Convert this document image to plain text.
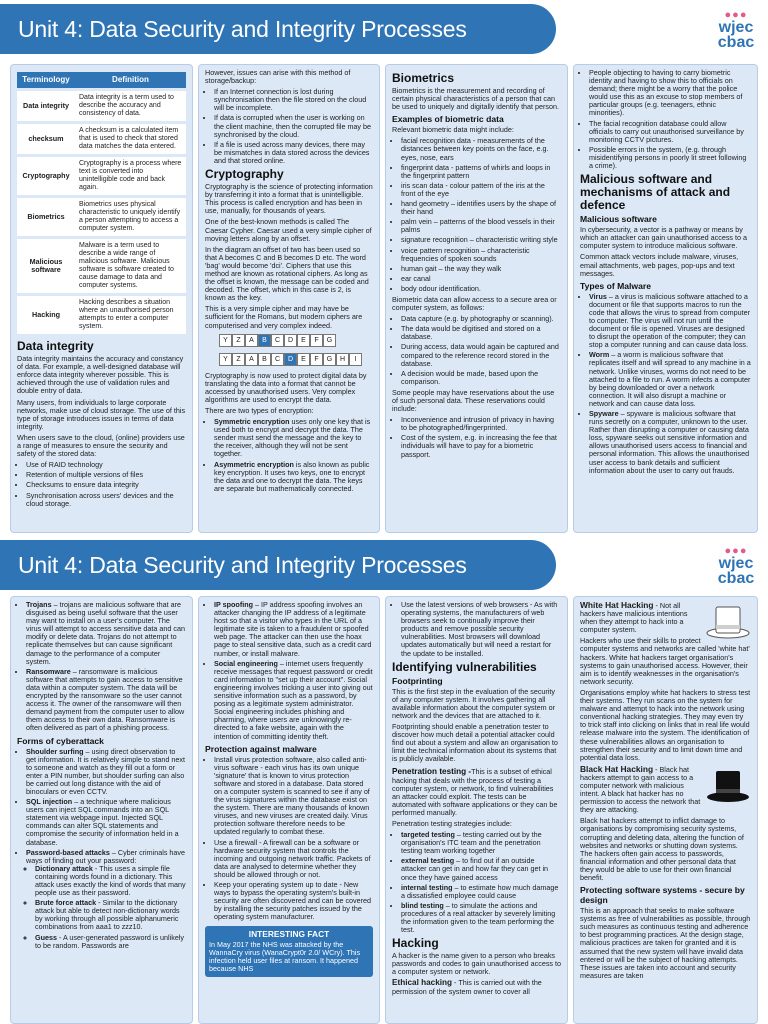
Unit 4: Data Security and Integrity Processes
●●●
wjec
cbac
Terminology	Definition
Data integrity	Data integrity is a term used to describe the accuracy and consistency of data.
checksum	A checksum is a calculated item that is used to check that stored data matches the data entered.
Cryptography	Cryptography is a process where text is converted into unintelligible code and back again.
Biometrics	Biometrics uses physical characteristic to uniquely identify a person attempting to access a computer system.
Malicious software	Malware is a term used to describe a wide range of malicious software. Malicious software is software created to cause damage to data and computer systems.
Hacking	Hacking describes a situation where an unauthorised person attempts to enter a computer system.
Data integrity

Data integrity maintains the accuracy and constancy of data. For example, a well-designed database will enforce data integrity wherever possible. This is achieved through the use of validation rules and double entry of data.

Many users, from individuals to large corporate networks, make use of cloud storage. The use of this type of storage introduces issues in terms of data integrity.

When users save to the cloud, (online) providers use a range of measures to ensure the security and safety of the stored data:

• Use of RAID technology
• Retention of multiple versions of files
• Checksums to ensure data integrity
• Synchronisation across users' devices and the cloud storage.

However, issues can arise with this method of storage/backup:

• If an Internet connection is lost during synchronisation then the file stored on the cloud will be incomplete.
• If data is corrupted when the user is working on the client machine, then the corrupted file may be synchronised by the cloud.
• If a file is used across many devices, there may be mismatches in data stored across the devices and that stored online.
Cryptography

Cryptography is the science of protecting information by transferring it into a format that is unintelligible. This process is called encryption and has been in use, manually, for thousands of years.

One of the best-known methods is called The Caesar Cypher. Caesar used a very simple cipher of moving letters along by an offset.

In the diagram an offset of two has been used so that A becomes C and B becomes D etc. The word 'bag' would become 'dci'. Ciphers that use this method are known as rotational ciphers. As long as the offset is known, the message can be coded and decoded. The offset, which in this case is 2, is known as the key.

This is a very simple cipher and may have be sufficient for the Romans, but modern ciphers are computerised and very complex indeed.

Y	Z	A	B	C	D	E	F	G
Y	Z	A	B	C	D	E	F	G	H	I

Cryptography is now used to protect digital data by translating the data into a format that cannot be accessed by unauthorised users. Very complex algorithms are used to encrypt the data.

There are two types of encryption:

• Symmetric encryption uses only one key that is used both to encrypt and decrypt the data. The sender must send the message and the key to the receiver, although they will not be sent together.
• Asymmetric encryption is also known as public key encryption. It uses two keys, one to encrypt the data and one to decrypt the data. The keys are separate but mathematically connected.
Biometrics

Biometrics is the measurement and recording of certain physical characteristics of a person that can be used to uniquely and digitally identify that person.

Examples of biometric data

Relevant biometric data might include:

• facial recognition data - measurements of the distances between key points on the face, e.g. eyes, nose, ears
• fingerprint data - patterns of whirls and loops in the fingerprint pattern
• iris scan data - colour pattern of the iris at the front of the eye
• hand geometry – identifies users by the shape of their hand
• palm vein – patterns of the blood vessels in their palms
• signature recognition – characteristic writing style
• voice pattern recognition – characteristic frequencies of spoken sounds
• human gait – the way they walk
• ear canal
• body odour identification.

Biometric data can allow access to a secure area or computer system, as follows:

• Data capture (e.g. by photography or scanning).
• The data would be digitised and stored on a database.
• During access, data would again be captured and compared to the reference record stored in the database.
• A decision would be made, based upon the comparison.

Some people may have reservations about the use of such personal data. These reservations could include:

• Inconvenience and intrusion of privacy in having to be photographed/fingerprinted.
• Cost of the system, e.g. in increasing the fee that individuals will have to pay for a biometric passport.
• People objecting to having to carry biometric identity and having to show this to officials on demand; there might be a worry that the police would use this as an excuse to stop members of particular groups (e.g. teenagers, ethnic minorities).
• The facial recognition database could allow officials to carry out unauthorised surveillance by monitoring CCTV pictures.
• Possible errors in the system, (e.g. through misidentifying persons in poorly lit street following a crime).
Malicious software and mechanisms of attack and defence
Malicious software

In cybersecurity, a vector is a pathway or means by which an attacker can gain unauthorised access to a computer system to introduce malicious software.

Common attack vectors include malware, viruses, email attachments, web pages, pop-ups and text messages.

Types of Malware
• Virus – a virus is malicious software attached to a document or file that supports macros to run the code that allows the virus to spread from computer to computer. The virus will not run until the document or file is opened. Viruses are designed to disrupt the operation of the computer; they can stop a computer running and can cause data loss.
• Worm – a worm is malicious software that replicates itself and will spread to any machine in a network. Unlike viruses, worms do not need to be attached to a file to run. A worm infects a computer by being downloaded or over a network connection. It will also disrupt a machine or network and can cause data loss.
• Spyware – spyware is malicious software that runs secretly on a computer, unknown to the user. Rather than disrupting a computer or causing data loss, spyware seeks out sensitive information and allows unauthorised users access to financial and personal information. This allows the unauthorised user access to bank details and sufficient information about the user to carry out frauds.
Unit 4: Data Security and Integrity Processes
●●●
wjec
cbac
• Trojans – trojans are malicious software that are disguised as being useful software that the user may want to install on a user's computer. The virus will attempt to access sensitive data and can modify or delete data. Trojans do not attempt to replicate themselves but can cause significant damage to the performance of a computer system.
• Ransomware – ransomware is malicious software that attempts to gain access to sensitive data within a computer system. The data will be encrypted by the ransomware so the user cannot access it. The owner of the ransomware will then demand payment from the computer user to allow them access to their own data. Ransomware is often delivered as part of a phishing process.
Forms of cyberattack
• Shoulder surfing – using direct observation to get information. It is relatively simple to stand next to someone and watch as they fill out a form or enter a PIN number, but shoulder surfing can also be carried out long distance with the aid of binoculars or even CCTV.
• SQL injection – a technique where malicious users can inject SQL commands into an SQL statement via webpage input. Injected SQL commands can alter SQL statements and compromise the security of information held in a database.
• Password-based attacks – Cyber criminals have ways of finding out your password:
◦ Dictionary attack - This uses a simple file containing words found in a dictionary. This attack uses exactly the kind of words that many people use as their password.
◦ Brute force attack - Similar to the dictionary attack but able to detect non-dictionary words by working through all possible alphanumeric combinations from aaa1 to zzz10.
◦ Guess - A user-generated password is unlikely to be random. Passwords are
• IP spoofing – IP address spoofing involves an attacker changing the IP address of a legitimate host so that a visitor who types in the URL of a legitimate site is taken to a fraudulent or spoofed web page. The attacker can then use the hoax page to steal sensitive data, such as a credit card number, or install malware.
• Social engineering – internet users frequently receive messages that request password or credit card information to "set up their account". Social engineering involves tricking a user into giving out sensitive information such as a password, by posing as a legitimate system administrator. Social engineering includes phishing and pharming, where users are unknowingly re-directed to a fake website, again with the intention of committing identity theft.
Protection against malware
• Install virus protection software, also called anti-virus software - each virus has its own unique 'signature' that is known to virus protection software and stored in a database. Data stored on a computer system is scanned to see if any of the virus signatures within the database exist on the system. There are many thousands of known viruses, and new viruses are created daily. Virus protection software therefore needs to be updated regularly to combat these.
• Use a firewall - A firewall can be a software or hardware security system that controls the incoming and outgoing network traffic. Packets of data are analysed to determine whether they should be allowed through or not.
• Keep your operating system up to date - New ways to bypass the operating system's built-in security are often discovered and can be covered by installing the security patches issued by the operating system manufacturer.
INTERESTING FACT
In May 2017 the NHS was attacked by the WannaCry virus (WanaCrypt0r 2.0/ WCry). This infection held user files at ransom. It happened because NHS
• Use the latest versions of web browsers - As with operating systems, the manufacturers of web browsers seek to continually improve their products and remove possible security vulnerabilities. Most browsers will download updates automatically but will need a restart for the update to be installed.
Identifying vulnerabilities
Footprinting

This is the first step in the evaluation of the security of any computer system. It involves gathering all available information about the computer system or network and the devices that are attached to it.

Footprinting should enable a penetration tester to discover how much detail a potential attacker could find out about a system and allow an organisation to limit the technical information about its systems that is publicly available.

Penetration testing -This is a subset of ethical hacking that deals with the process of testing a computer system, or network, to find vulnerabilities an attacker could exploit. The tests can be automated with software applications or they can be performed manually.

Penetration testing strategies include:

• targeted testing – testing carried out by the organisation's ITC team and the penetration testing team working together
• external testing – to find out if an outside attacker can get in and how far they can get in once they have gained access
• internal testing – to estimate how much damage a dissatisfied employee could cause
• blind testing – to simulate the actions and procedures of a real attacker by severely limiting the information given to the team performing the test.
Hacking

A hacker is the name given to a person who breaks passwords and codes to gain unauthorised access to a computer system or network.

Ethical hacking - This is carried out with the permission of the system owner to cover all

White Hat Hacking - Not all hackers have malicious intentions when they attempt to hack into a computer system.

Hackers who use their skills to protect computer systems and networks are called 'white hat' hackers. White hat hackers target organisation's systems to gain unauthorised access. However, their aim is to identify weaknesses in the organisation's network security.

Organisations employ white hat hackers to stress test their systems. They run scans on the system for malware and attempt to hack into the network using conventional hacking strategies. They may even try to trick staff into clicking on links that in real life would release malware into the system. The identification of these vulnerabilities allows an organisation to strengthen their security and to limit down time and potential data loss.

Black Hat Hacking - Black hat hackers attempt to gain access to a computer network with malicious intent. A black hat hacker has no permission to access the network that they are attacking.

Black hat hackers attempt to inflict damage to organisations by compromising security systems, corrupting and deleting data, altering the function of websites and networks or shutting down systems. The hackers often gain access to passwords, financial information and other personal data that they would be able to use for their own financial benefit.

Protecting software systems - secure by design

This is an approach that seeks to make software systems as free of vulnerabilities as possible, through such measures as continuous testing and adherence to best programming practices. At the design stage, malicious practices are taken for granted and it is assumed that the new system will have invalid data entered or will be the subject of hacking attempts. These issues are taken into account and security measures are taken
